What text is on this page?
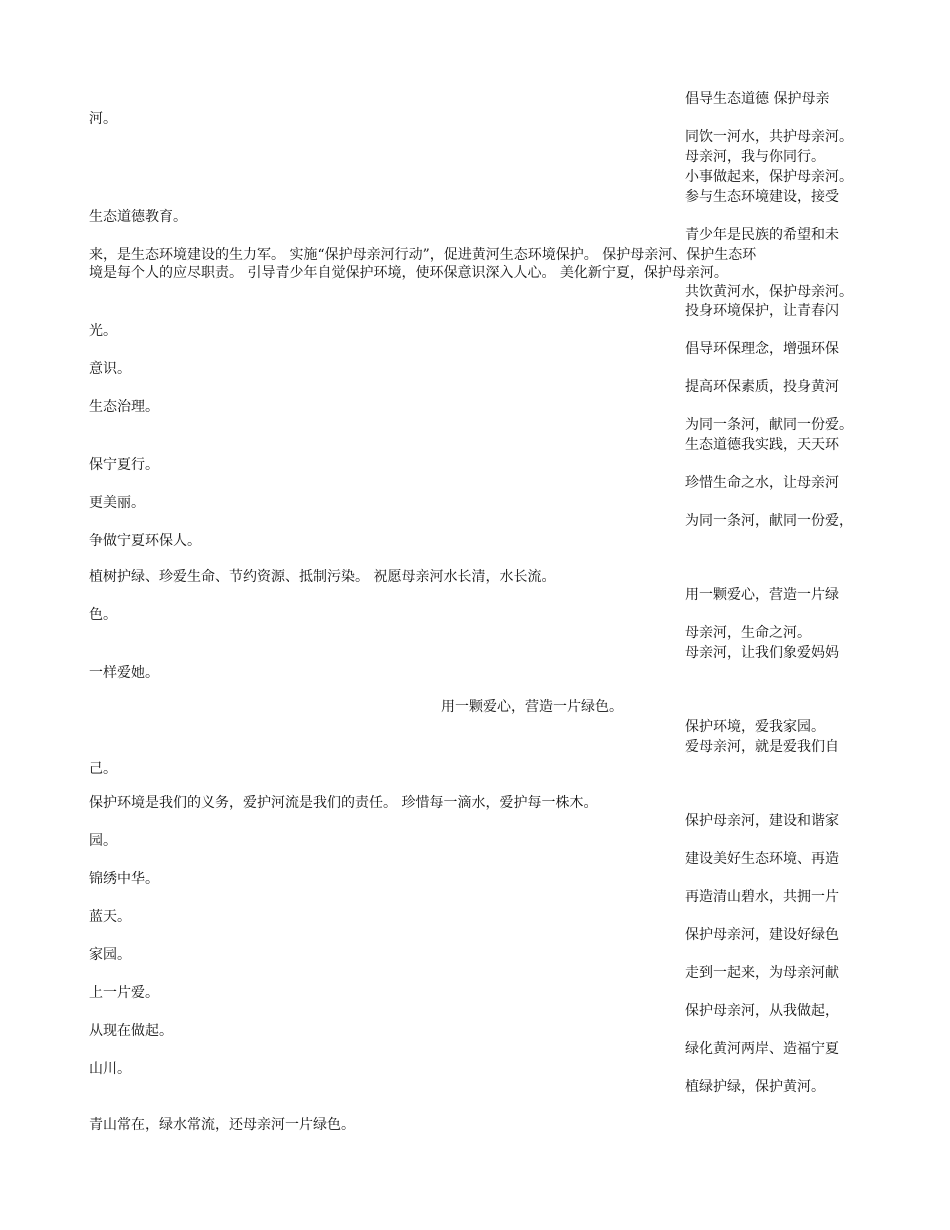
倡导生态道德 保护母亲
河。
同饮一河水，共护母亲河。
母亲河，我与你同行。
小事做起来，保护母亲河。
参与生态环境建设，接受
生态道德教育。
青少年是民族的希望和未
来，是生态环境建设的生力军。 实施“保护母亲河行动”，促进黄河生态环境保护。 保护母亲河、保护生态环
境是每个人的应尽职责。 引导青少年自觉保护环境，使环保意识深入人心。 美化新宁夏，保护母亲河。
共饮黄河水，保护母亲河。
投身环境保护，让青春闪
光。
倡导环保理念，增强环保
意识。
提高环保素质，投身黄河
生态治理。
为同一条河，献同一份爱。
生态道德我实践，天天环
保宁夏行。
珍惜生命之水，让母亲河
更美丽。
为同一条河，献同一份爱，
争做宁夏环保人。
植树护绿、珍爱生命、节约资源、抵制污染。 祝愿母亲河水长清，水长流。
用一颗爱心，营造一片绿
色。
母亲河，生命之河。
母亲河，让我们象爱妈妈
一样爱她。
用一颗爱心，营造一片绿色。
保护环境，爱我家园。
爱母亲河，就是爱我们自
己。
保护环境是我们的义务，爱护河流是我们的责任。 珍惜每一滴水，爱护每一株木。
保护母亲河，建设和谐家
园。
建设美好生态环境、再造
锦绣中华。
再造清山碧水，共拥一片
蓝天。
保护母亲河，建设好绿色
家园。
走到一起来，为母亲河献
上一片爱。
保护母亲河，从我做起，
从现在做起。
绿化黄河两岸、造福宁夏
山川。
植绿护绿，保护黄河。
青山常在，绿水常流，还母亲河一片绿色。
